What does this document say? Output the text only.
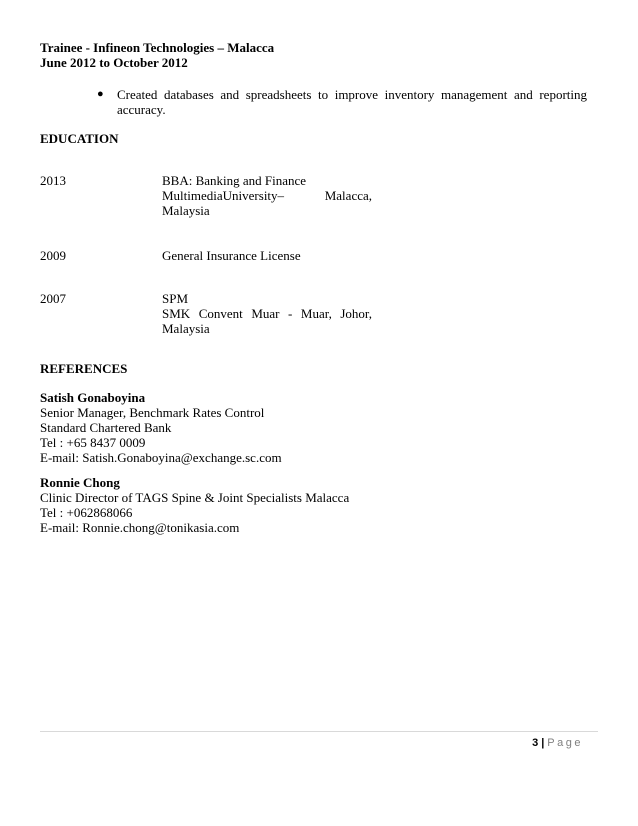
Trainee - Infineon Technologies – Malacca
June 2012 to October 2012
● Created databases and spreadsheets to improve inventory management and reporting accuracy.
EDUCATION
2013	BBA: Banking and Finance
MultimediaUniversity– Malacca,
Malaysia
2009	General Insurance License
2007	SPM
SMK Convent Muar - Muar, Johor,
Malaysia
REFERENCES
Satish Gonaboyina
Senior Manager, Benchmark Rates Control
Standard Chartered Bank
Tel : +65 8437 0009
E-mail: Satish.Gonaboyina@exchange.sc.com
Ronnie Chong
Clinic Director of TAGS Spine & Joint Specialists Malacca
Tel : +062868066
E-mail: Ronnie.chong@tonikasia.com
3 | Page
